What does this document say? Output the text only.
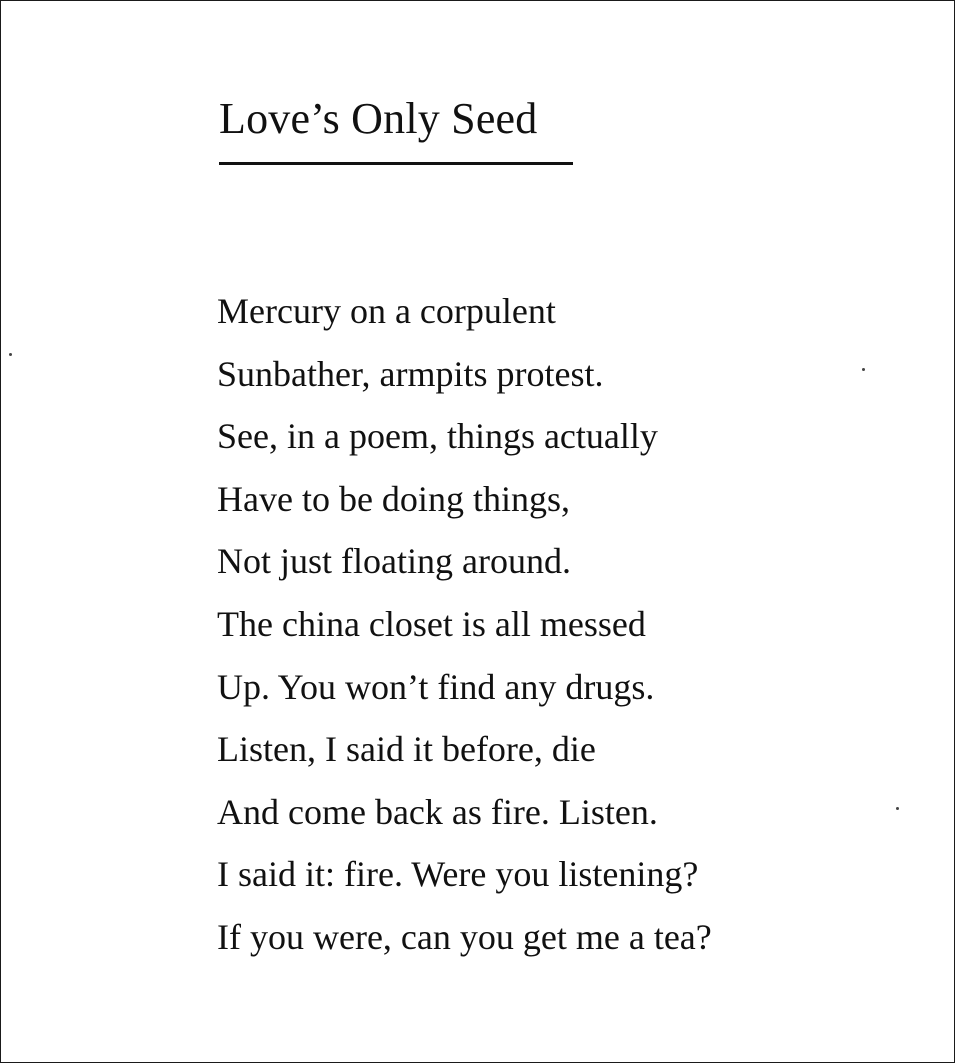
Love’s Only Seed
Mercury on a corpulent
Sunbather, armpits protest.
See, in a poem, things actually
Have to be doing things,
Not just floating around.
The china closet is all messed
Up. You won’t find any drugs.
Listen, I said it before, die
And come back as fire. Listen.
I said it: fire. Were you listening?
If you were, can you get me a tea?
